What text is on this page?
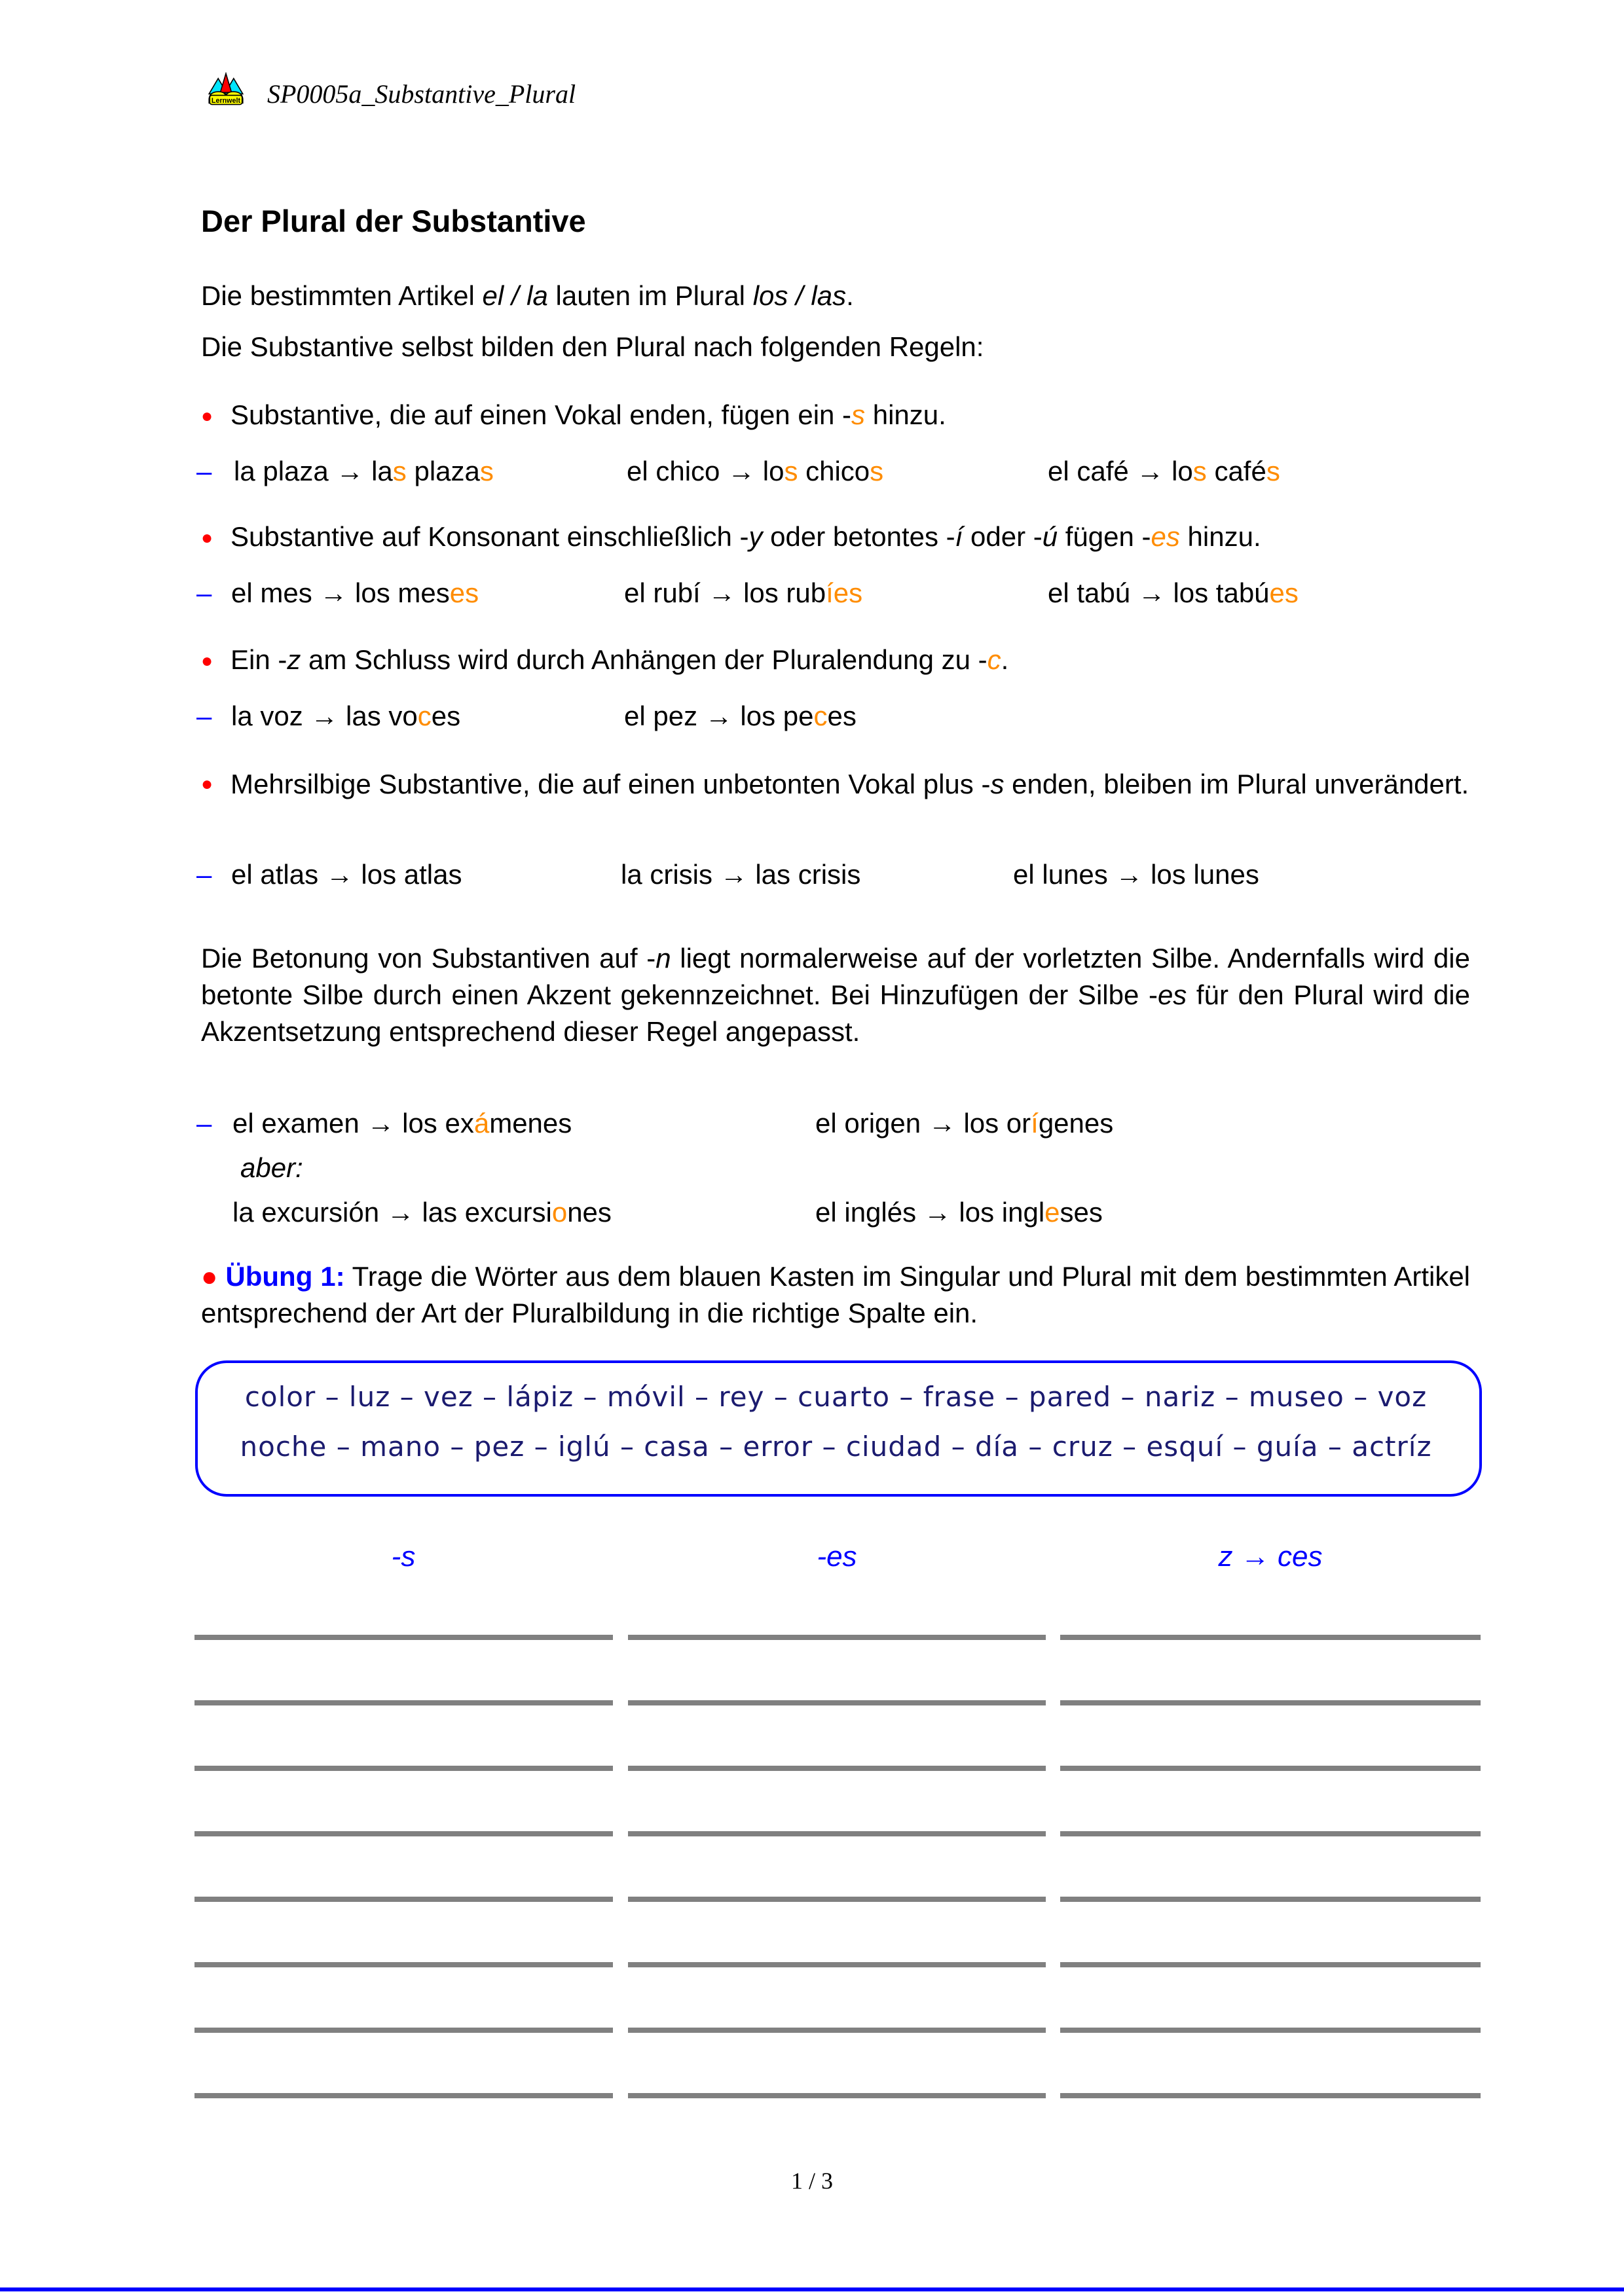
Lernwelt SP0005a_Substantive_Plural
Der Plural der Substantive
Die bestimmten Artikel el / la lauten im Plural los / las.
Die Substantive selbst bilden den Plural nach folgenden Regeln:
● Substantive, die auf einen Vokal enden, fügen ein -s hinzu.
– la plaza → las plazas	el chico → los chicos	el café → los cafés
● Substantive auf Konsonant einschließlich -y oder betontes -í oder -ú fügen -es hinzu.
– el mes → los meses	el rubí → los rubíes	el tabú → los tabúes
● Ein -z am Schluss wird durch Anhängen der Pluralendung zu -c.
– la voz → las voces	el pez → los peces
● Mehrsilbige Substantive, die auf einen unbetonten Vokal plus -s enden, bleiben im Plural unverändert.
– el atlas → los atlas	la crisis → las crisis	el lunes → los lunes
Die Betonung von Substantiven auf -n liegt normalerweise auf der vorletzten Silbe. Andernfalls wird die betonte Silbe durch einen Akzent gekennzeichnet. Bei Hinzufügen der Silbe -es für den Plural wird die Akzentsetzung entsprechend dieser Regel angepasst.
– el examen → los exámenes	el origen → los orígenes
aber:
la excursión → las excursiones	el inglés → los ingleses
● Übung 1: Trage die Wörter aus dem blauen Kasten im Singular und Plural mit dem bestimmten Artikel entsprechend der Art der Pluralbildung in die richtige Spalte ein.
color – luz – vez – lápiz – móvil – rey – cuarto – frase – pared – nariz – museo – voz
noche – mano – pez – iglú – casa – error – ciudad – día – cruz – esquí – guía – actríz
-s	-es	z → ces
1 / 3
